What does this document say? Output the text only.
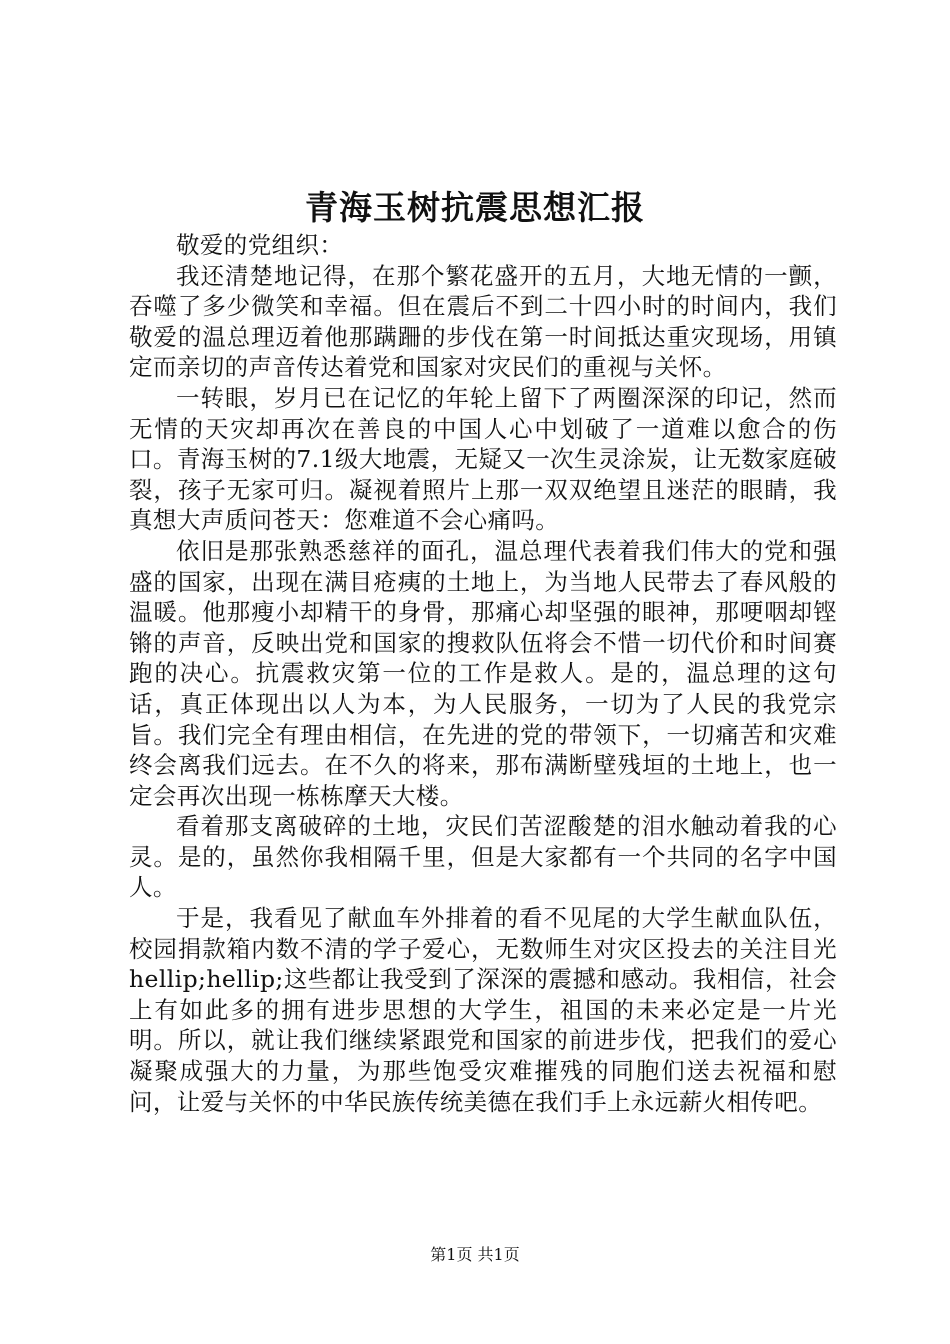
青海玉树抗震思想汇报

敬爱的党组织：

我还清楚地记得，在那个繁花盛开的五月，大地无情的一颤，吞噬了多少微笑和幸福。但在震后不到二十四小时的时间内，我们敬爱的温总理迈着他那蹒跚的步伐在第一时间抵达重灾现场，用镇定而亲切的声音传达着党和国家对灾民们的重视与关怀。

一转眼，岁月已在记忆的年轮上留下了两圈深深的印记，然而无情的天灾却再次在善良的中国人心中划破了一道难以愈合的伤口。青海玉树的7.1级大地震，无疑又一次生灵涂炭，让无数家庭破裂，孩子无家可归。凝视着照片上那一双双绝望且迷茫的眼睛，我真想大声质问苍天：您难道不会心痛吗。

依旧是那张熟悉慈祥的面孔，温总理代表着我们伟大的党和强盛的国家，出现在满目疮痍的土地上，为当地人民带去了春风般的温暖。他那瘦小却精干的身骨，那痛心却坚强的眼神，那哽咽却铿锵的声音，反映出党和国家的搜救队伍将会不惜一切代价和时间赛跑的决心。抗震救灾第一位的工作是救人。是的，温总理的这句话，真正体现出以人为本，为人民服务，一切为了人民的我党宗旨。我们完全有理由相信，在先进的党的带领下，一切痛苦和灾难终会离我们远去。在不久的将来，那布满断壁残垣的土地上，也一定会再次出现一栋栋摩天大楼。

看着那支离破碎的土地，灾民们苦涩酸楚的泪水触动着我的心灵。是的，虽然你我相隔千里，但是大家都有一个共同的名字中国人。

于是，我看见了献血车外排着的看不见尾的大学生献血队伍，校园捐款箱内数不清的学子爱心，无数师生对灾区投去的关注目光hellip;hellip;这些都让我受到了深深的震撼和感动。我相信，社会上有如此多的拥有进步思想的大学生，祖国的未来必定是一片光明。所以，就让我们继续紧跟党和国家的前进步伐，把我们的爱心凝聚成强大的力量，为那些饱受灾难摧残的同胞们送去祝福和慰问，让爱与关怀的中华民族传统美德在我们手上永远薪火相传吧。

第1页 共1页
